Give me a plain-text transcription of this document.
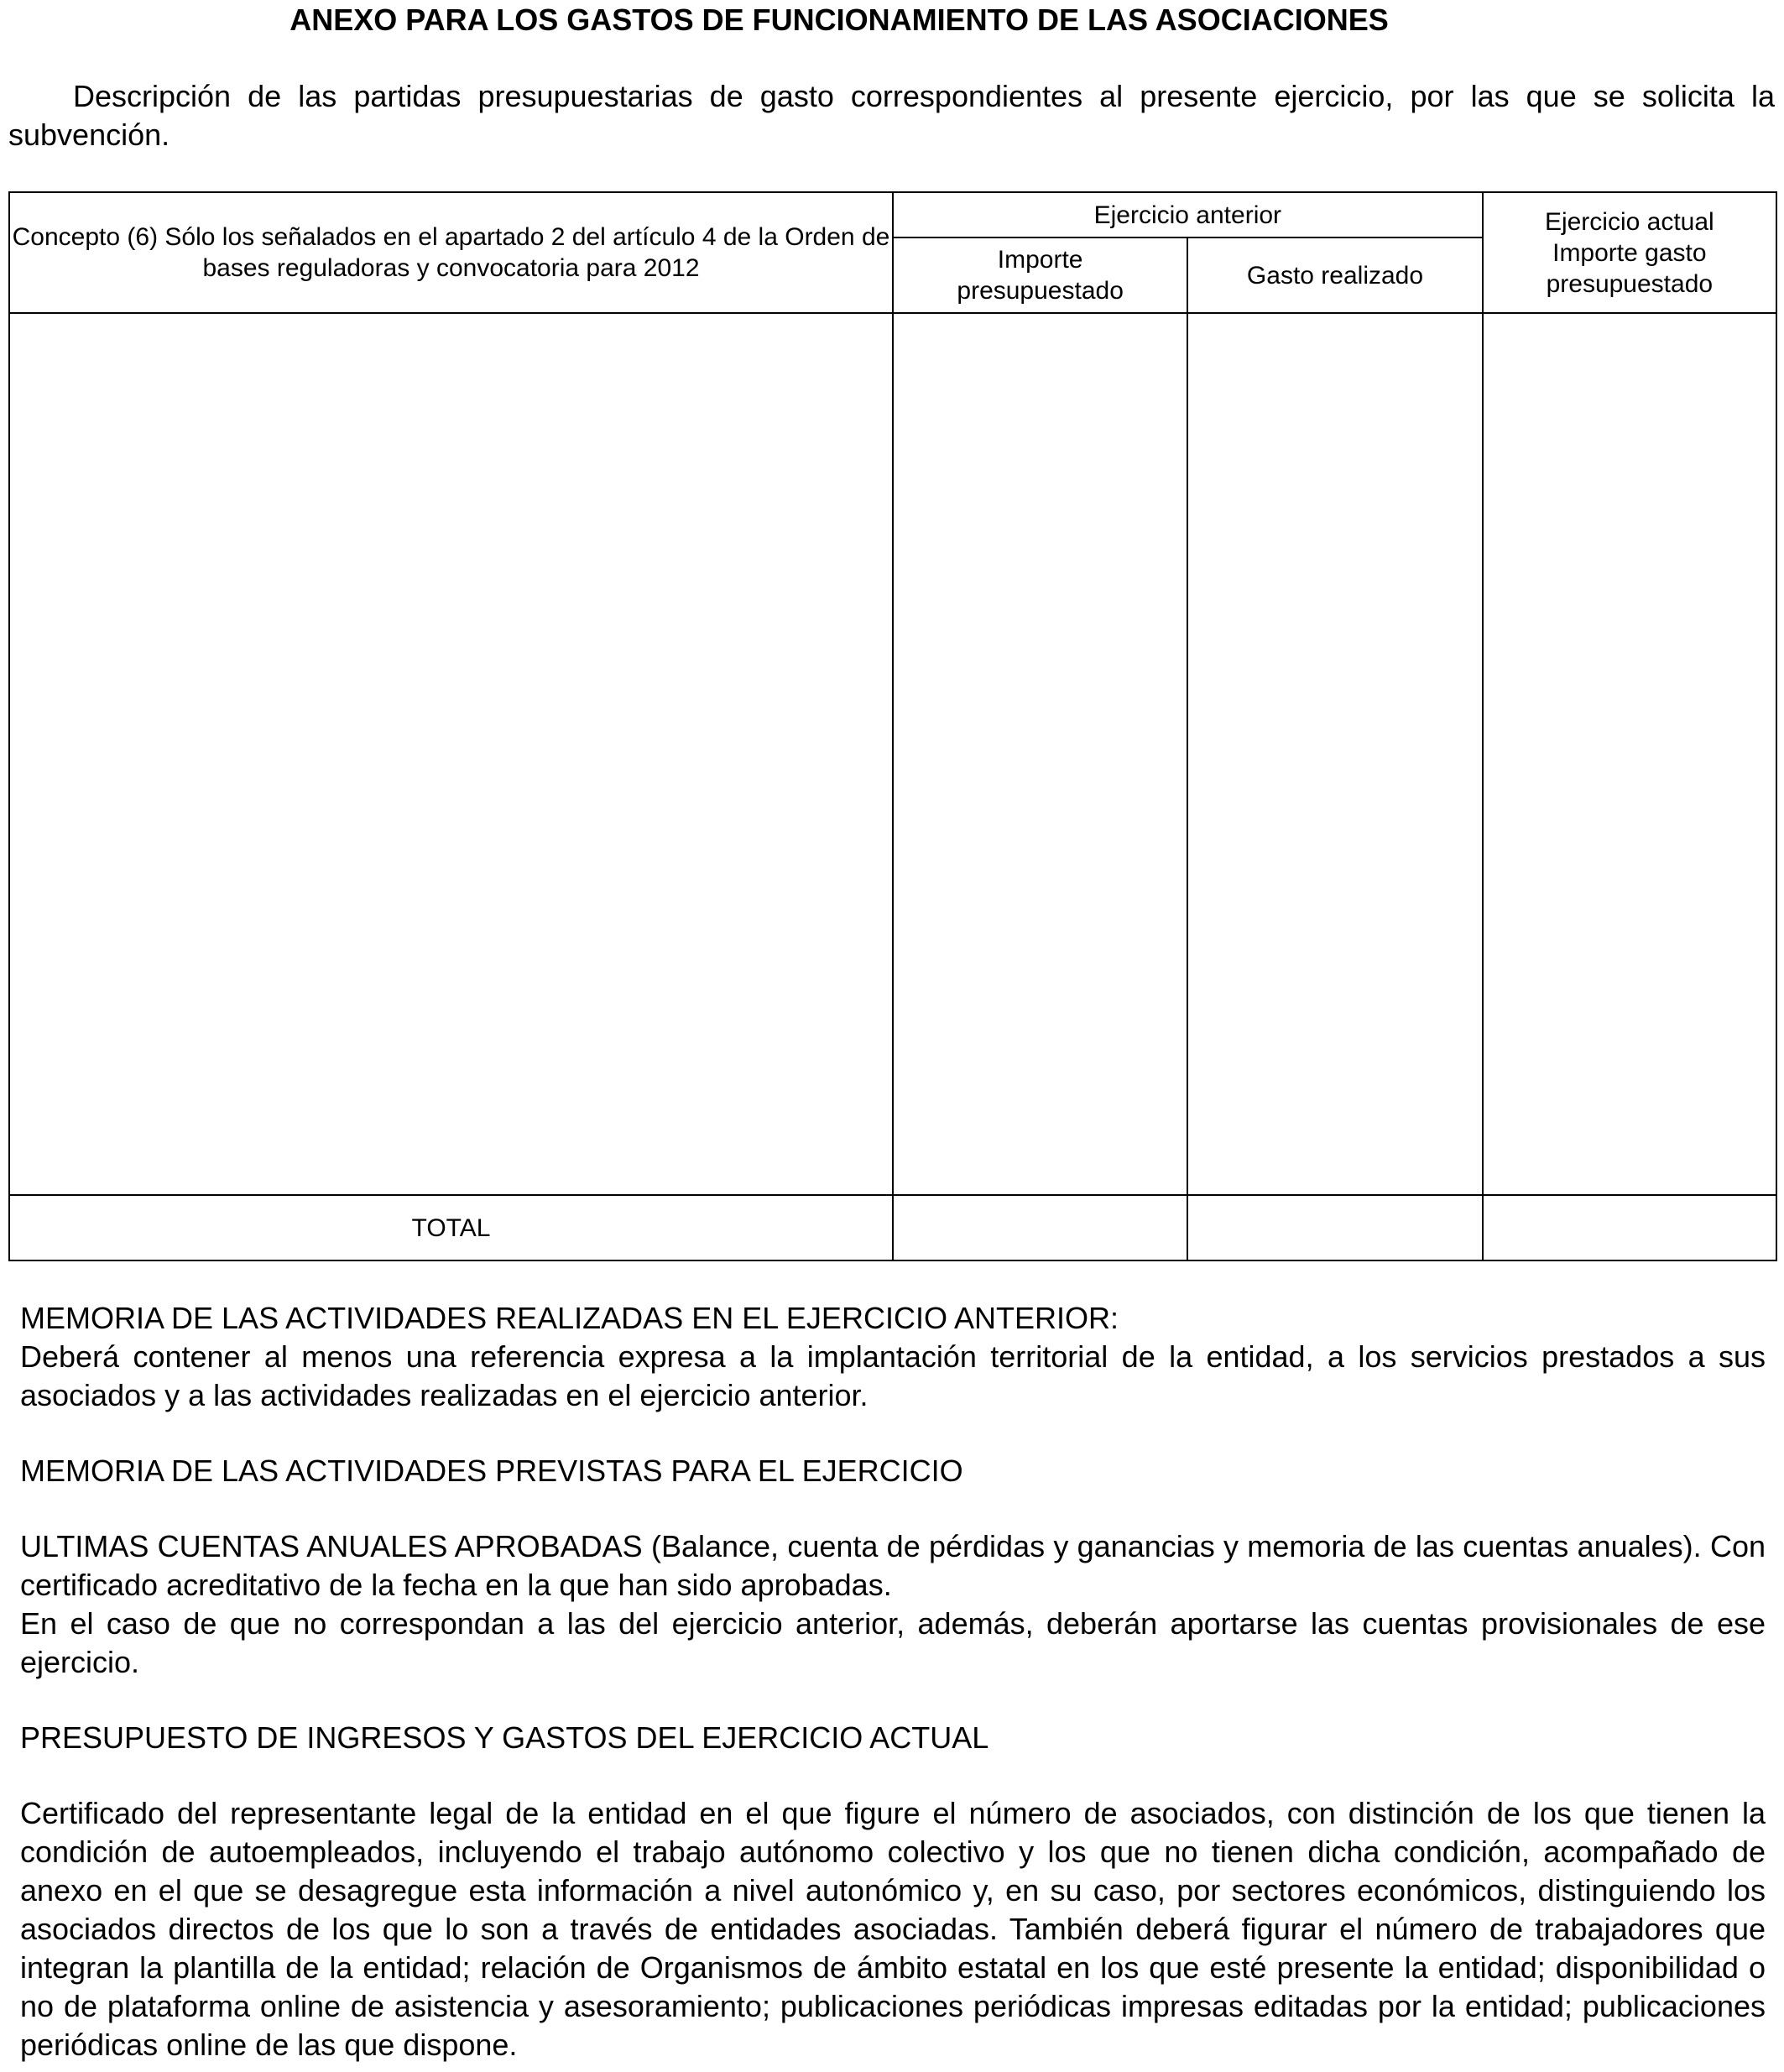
ANEXO PARA LOS GASTOS DE FUNCIONAMIENTO DE LAS ASOCIACIONES

Descripción de las partidas presupuestarias de gasto correspondientes al presente ejercicio, por las que se solicita la subvención.

Concepto (6) Sólo los señalados en el apartado 2 del artículo 4 de la Orden de bases reguladoras y convocatoria para 2012	Ejercicio anterior		Ejercicio actual Importe gasto presupuestado
	Importe presupuestado	Gasto realizado	

TOTAL			

MEMORIA DE LAS ACTIVIDADES REALIZADAS EN EL EJERCICIO ANTERIOR:

Deberá contener al menos una referencia expresa a la implantación territorial de la entidad, a los servicios prestados a sus asociados y a las actividades realizadas en el ejercicio anterior.

MEMORIA DE LAS ACTIVIDADES PREVISTAS PARA EL EJERCICIO

ULTIMAS CUENTAS ANUALES APROBADAS (Balance, cuenta de pérdidas y ganancias y memoria de las cuentas anuales). Con certificado acreditativo de la fecha en la que han sido aprobadas.

En el caso de que no correspondan a las del ejercicio anterior, además, deberán aportarse las cuentas provisionales de ese ejercicio.

PRESUPUESTO DE INGRESOS Y GASTOS DEL EJERCICIO ACTUAL

Certificado del representante legal de la entidad en el que figure el número de asociados, con distinción de los que tienen la condición de autoempleados, incluyendo el trabajo autónomo colectivo y los que no tienen dicha condición, acompañado de anexo en el que se desagregue esta información a nivel autonómico y, en su caso, por sectores económicos, distinguiendo los asociados directos de los que lo son a través de entidades asociadas. También deberá figurar el número de trabajadores que integran la plantilla de la entidad; relación de Organismos de ámbito estatal en los que esté presente la entidad; disponibilidad o no de plataforma online de asistencia y asesoramiento; publicaciones periódicas impresas editadas por la entidad; publicaciones periódicas online de las que dispone.
